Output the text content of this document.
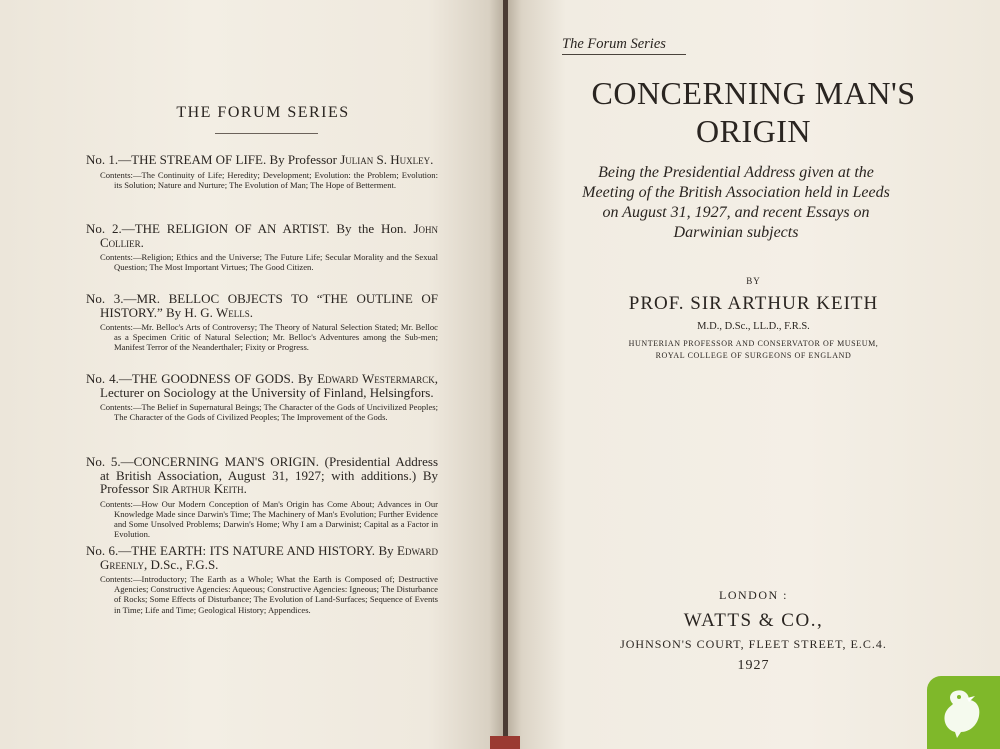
THE FORUM SERIES
No. 1.—THE STREAM OF LIFE. By Professor Julian S. Huxley.
Contents:—The Continuity of Life; Heredity; Development; Evolution: the Problem; Evolution: its Solution; Nature and Nurture; The Evolution of Man; The Hope of Betterment.
No. 2.—THE RELIGION OF AN ARTIST. By the Hon. John Collier.
Contents:—Religion; Ethics and the Universe; The Future Life; Secular Morality and the Sexual Question; The Most Important Virtues; The Good Citizen.
No. 3.—MR. BELLOC OBJECTS TO “THE OUTLINE OF HISTORY.” By H. G. Wells.
Contents:—Mr. Belloc's Arts of Controversy; The Theory of Natural Selection Stated; Mr. Belloc as a Specimen Critic of Natural Selection; Mr. Belloc's Adventures among the Sub-men; Manifest Terror of the Neanderthaler; Fixity or Progress.
No. 4.—THE GOODNESS OF GODS. By Edward Westermarck, Lecturer on Sociology at the University of Finland, Helsingfors.
Contents:—The Belief in Supernatural Beings; The Character of the Gods of Uncivilized Peoples; The Character of the Gods of Civilized Peoples; The Improvement of the Gods.
No. 5.—CONCERNING MAN'S ORIGIN. (Presidential Address at British Association, August 31, 1927; with additions.) By Professor Sir Arthur Keith.
Contents:—How Our Modern Conception of Man's Origin has Come About; Advances in Our Knowledge Made since Darwin's Time; The Machinery of Man's Evolution; Further Evidence and Some Unsolved Problems; Darwin's Home; Why I am a Darwinist; Capital as a Factor in Evolution.
No. 6.—THE EARTH: ITS NATURE AND HISTORY. By Edward Greenly, D.Sc., F.G.S.
Contents:—Introductory; The Earth as a Whole; What the Earth is Composed of; Destructive Agencies; Constructive Agencies: Aqueous; Constructive Agencies: Igneous; The Disturbance of Rocks; Some Effects of Disturbance; The Evolution of Land-Surfaces; Sequence of Events in Time; Life and Time; Geological History; Appendices.
The Forum Series
CONCERNING MAN'S
ORIGIN
Being the Presidential Address given at the Meeting of the British Association held in Leeds on August 31, 1927, and recent Essays on Darwinian subjects
BY
PROF. SIR ARTHUR KEITH
M.D., D.Sc., LL.D., F.R.S.
HUNTERIAN PROFESSOR AND CONSERVATOR OF MUSEUM,
ROYAL COLLEGE OF SURGEONS OF ENGLAND
LONDON :
WATTS & CO.,
JOHNSON'S COURT, FLEET STREET, E.C.4.
1927
